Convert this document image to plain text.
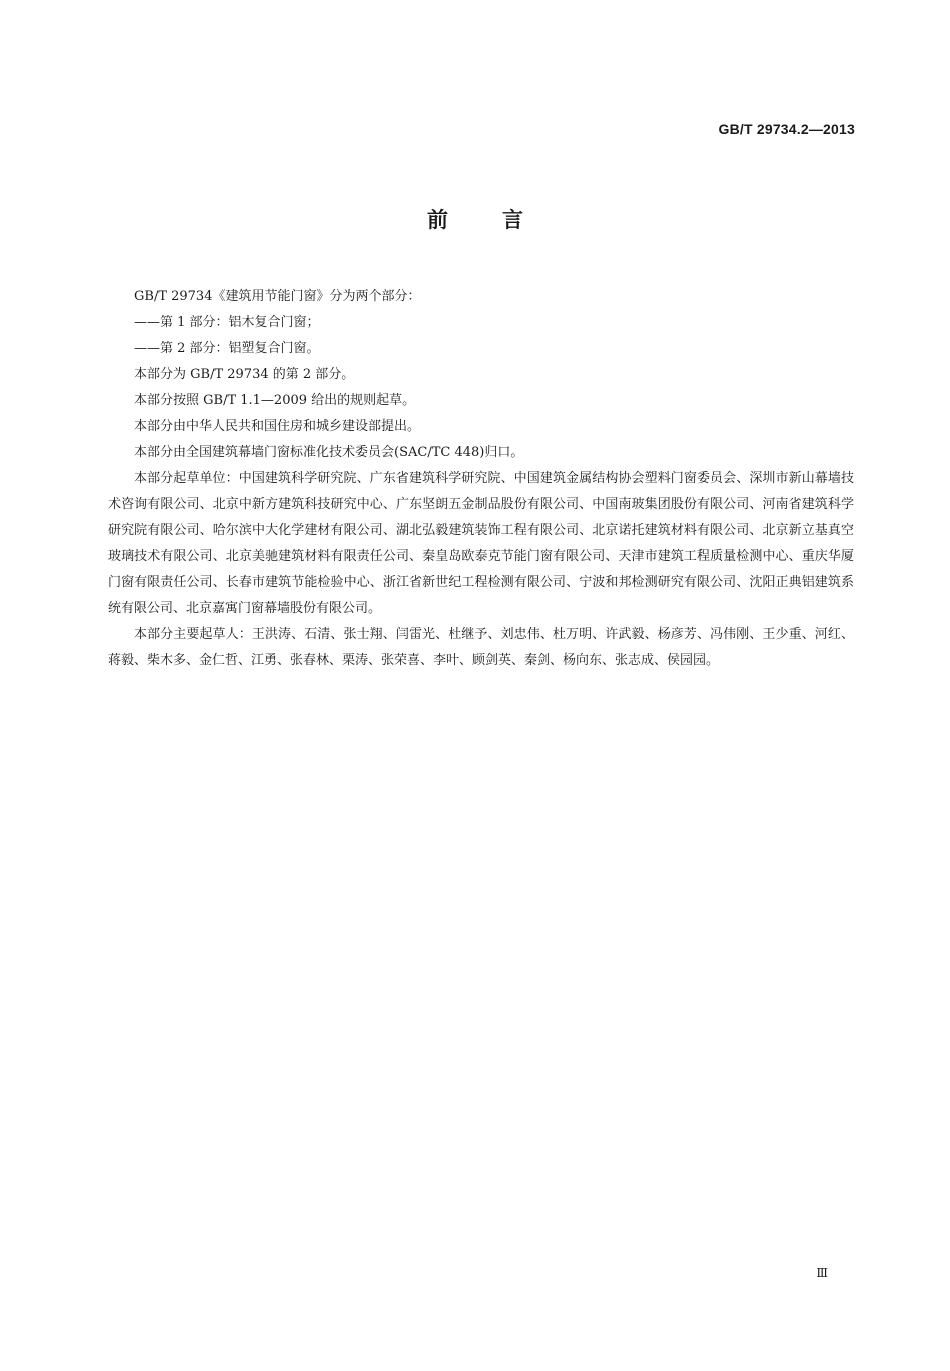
GB/T 29734.2—2013
前言

GB/T 29734《建筑用节能门窗》分为两个部分：

——第 1 部分：铝木复合门窗；

——第 2 部分：铝塑复合门窗。

本部分为 GB/T 29734 的第 2 部分。

本部分按照 GB/T 1.1—2009 给出的规则起草。

本部分由中华人民共和国住房和城乡建设部提出。

本部分由全国建筑幕墙门窗标准化技术委员会(SAC/TC 448)归口。

本部分起草单位：中国建筑科学研究院、广东省建筑科学研究院、中国建筑金属结构协会塑料门窗委员会、深圳市新山幕墙技术咨询有限公司、北京中新方建筑科技研究中心、广东坚朗五金制品股份有限公司、中国南玻集团股份有限公司、河南省建筑科学研究院有限公司、哈尔滨中大化学建材有限公司、湖北弘毅建筑装饰工程有限公司、北京诺托建筑材料有限公司、北京新立基真空玻璃技术有限公司、北京美驰建筑材料有限责任公司、秦皇岛欧泰克节能门窗有限公司、天津市建筑工程质量检测中心、重庆华厦门窗有限责任公司、长春市建筑节能检验中心、浙江省新世纪工程检测有限公司、宁波和邦检测研究有限公司、沈阳正典铝建筑系统有限公司、北京嘉寓门窗幕墙股份有限公司。

本部分主要起草人：王洪涛、石清、张士翔、闫雷光、杜继予、刘忠伟、杜万明、许武毅、杨彦芳、冯伟刚、王少重、河红、蒋毅、柴木多、金仁哲、江勇、张春林、栗涛、张荣喜、李叶、顾剑英、秦剑、杨向东、张志成、侯园园。

Ⅲ
